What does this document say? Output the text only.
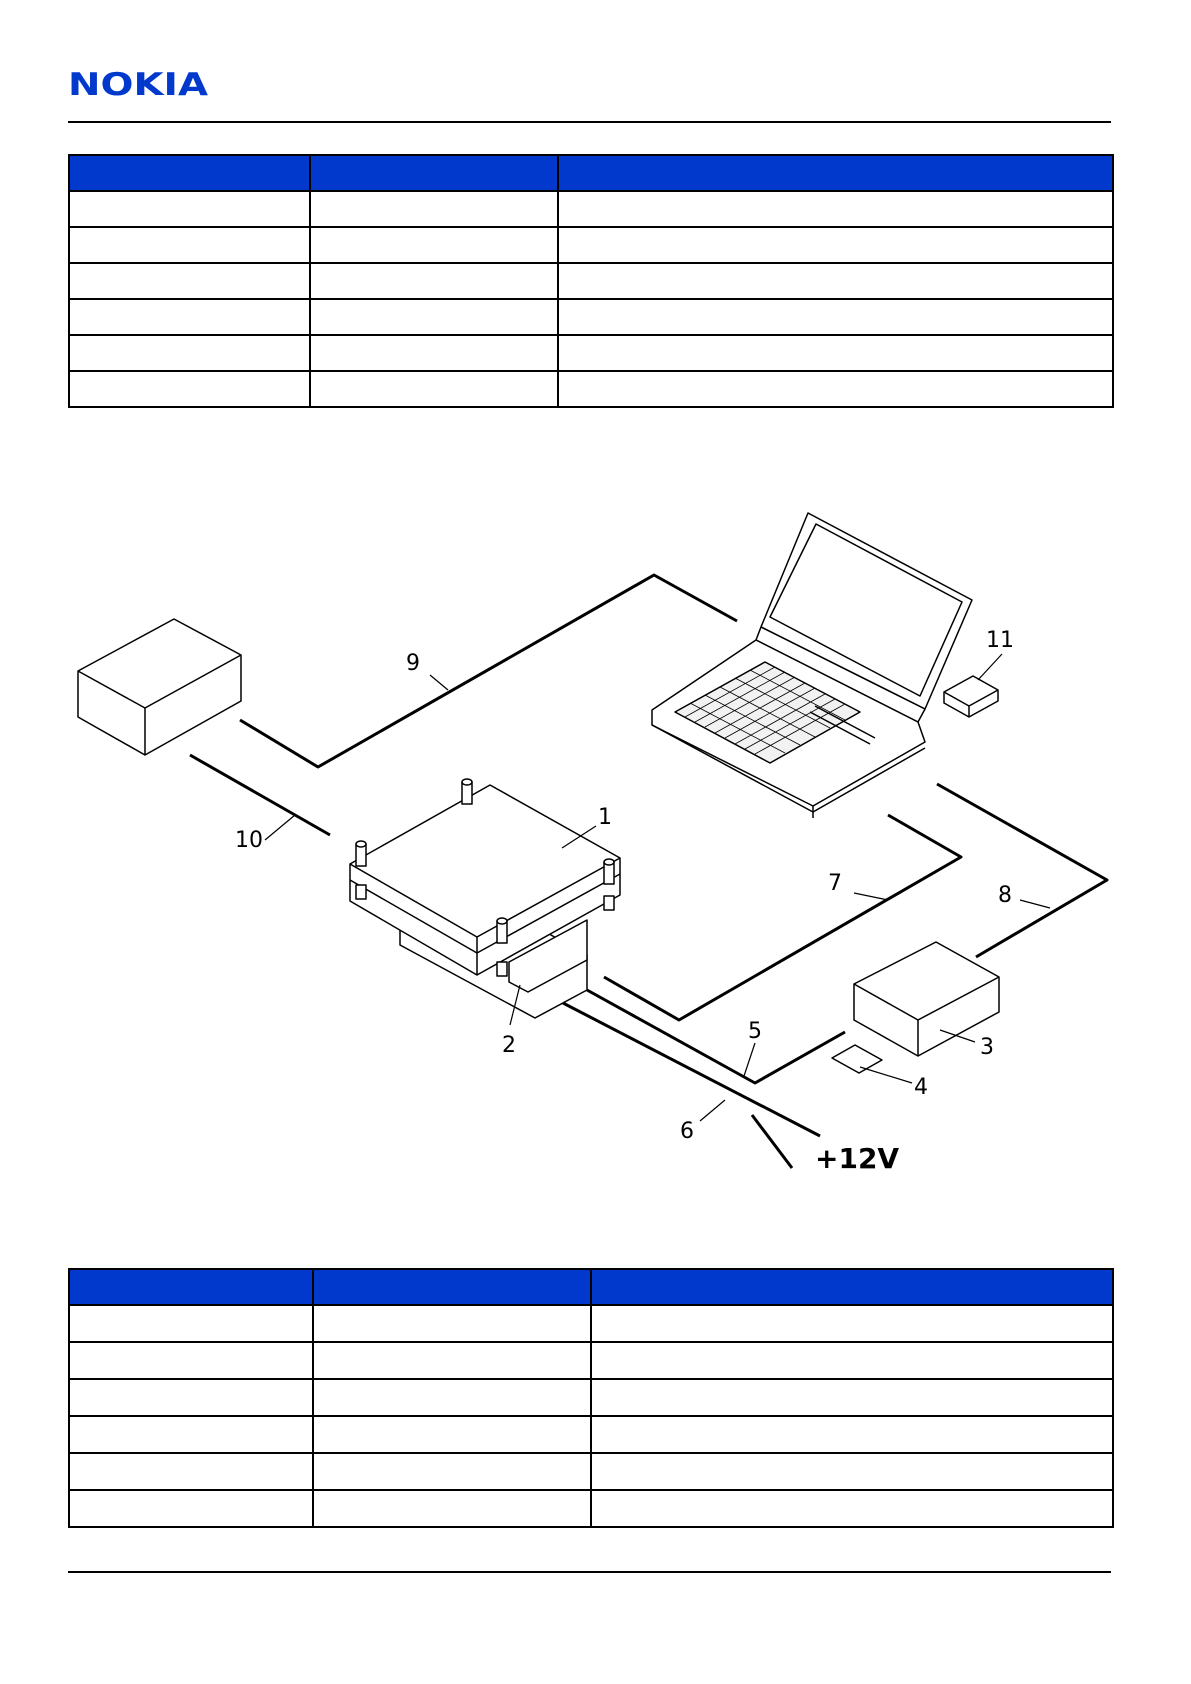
NOKIA

1
2	3
4
5
6
7	8
9
10
11
+12V
